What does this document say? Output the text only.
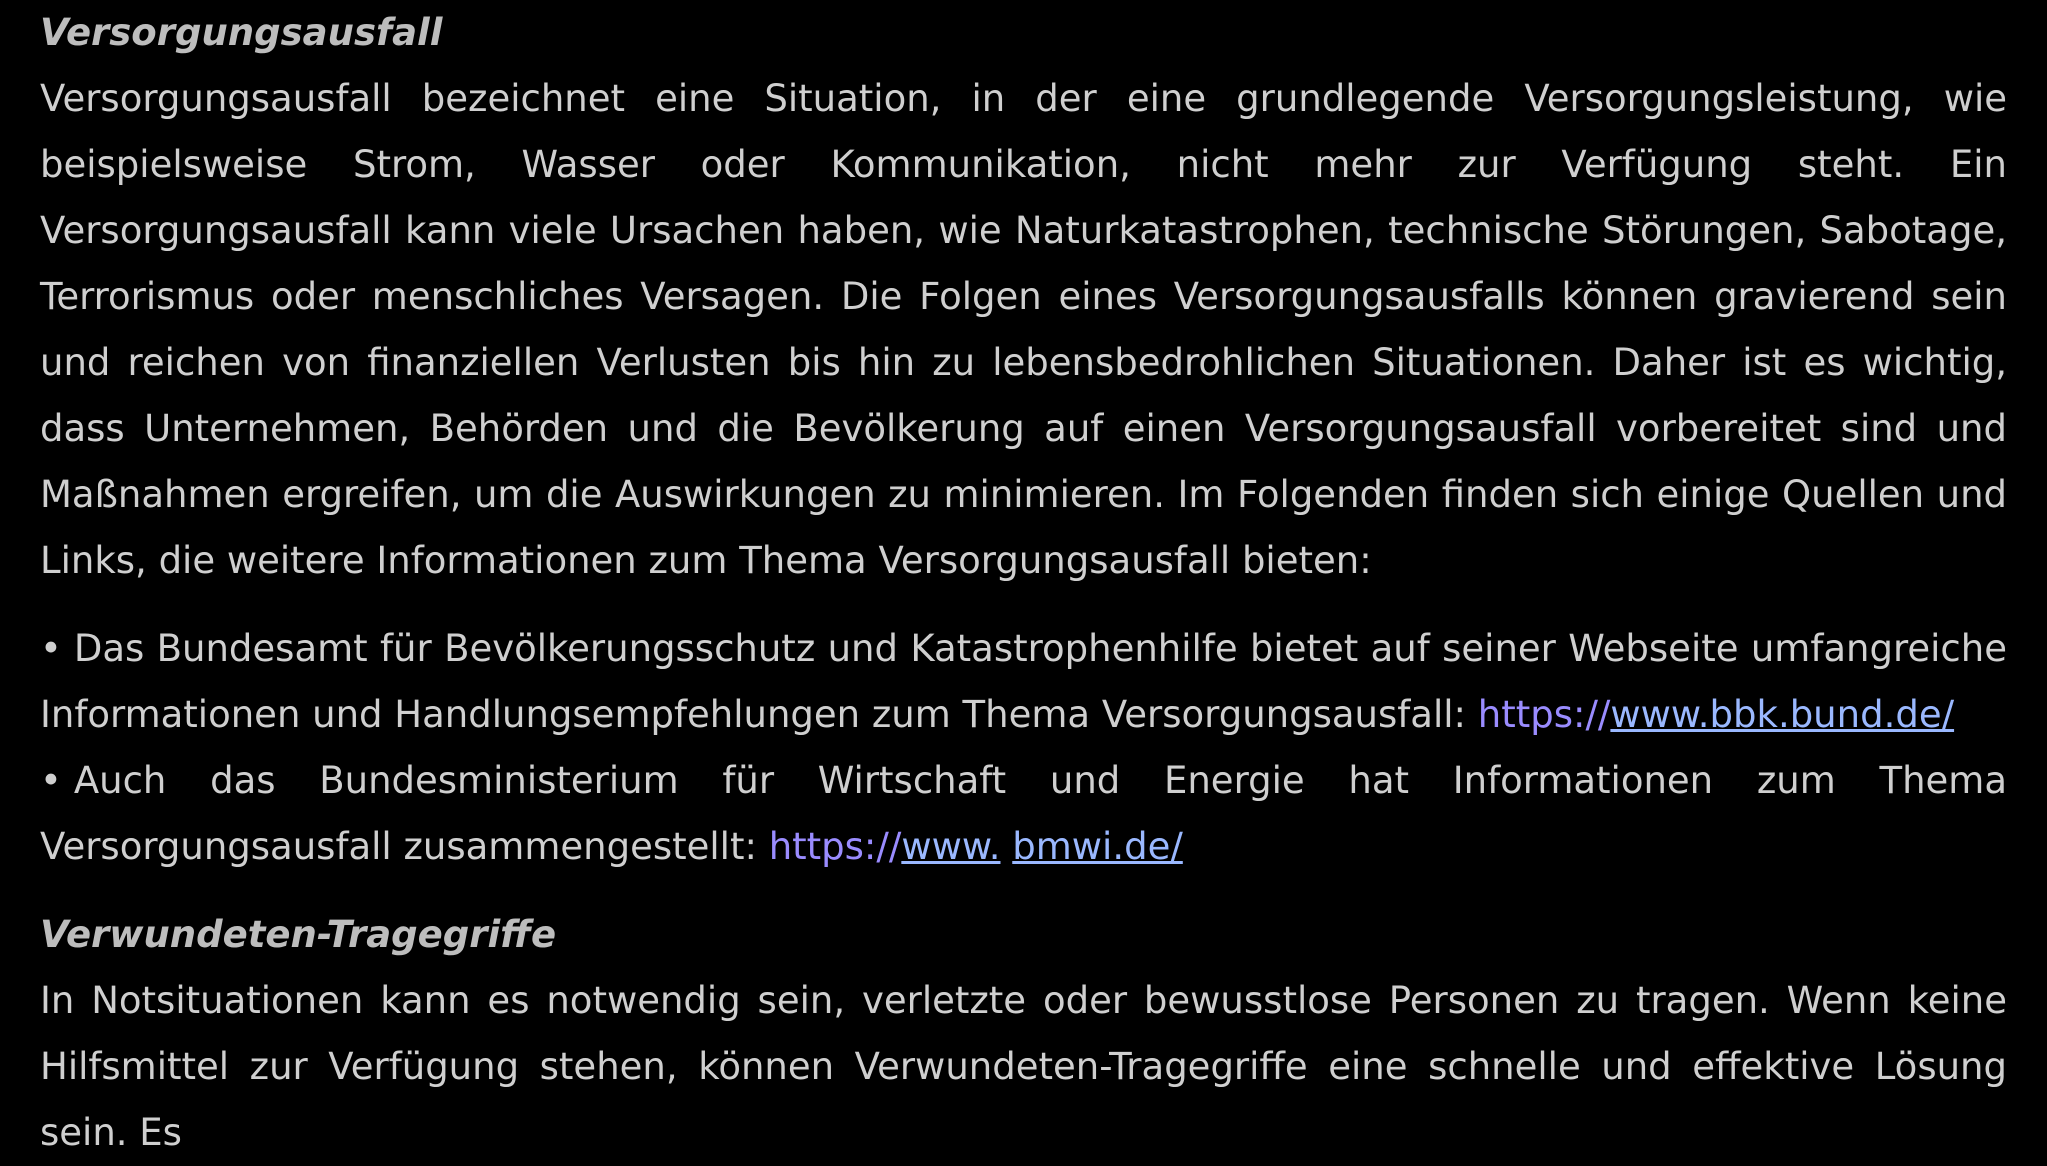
Versorgungsausfall

Versorgungsausfall bezeichnet eine Situation, in der eine grundlegende Versorgungsleistung, wie beispielsweise Strom, Wasser oder Kommunikation, nicht mehr zur Verfügung steht. Ein Versorgungsausfall kann viele Ursachen haben, wie Naturkatastrophen, technische Störungen, Sabotage, Terrorismus oder menschliches Versagen. Die Folgen eines Versorgungsausfalls können gravierend sein und reichen von finanziellen Verlusten bis hin zu lebensbedrohlichen Situationen. Daher ist es wichtig, dass Unternehmen, Behörden und die Bevölkerung auf einen Versorgungsausfall vorbereitet sind und Maßnahmen ergreifen, um die Auswirkungen zu minimieren. Im Folgenden finden sich einige Quellen und Links, die weitere Informationen zum Thema Versorgungsausfall bieten:

• Das Bundesamt für Bevölkerungsschutz und Katastrophenhilfe bietet auf seiner Webseite umfangreiche Informationen und Handlungsempfehlungen zum Thema Versorgungsausfall: https://www.bbk.bund.de/
• Auch das Bundesministerium für Wirtschaft und Energie hat Informationen zum Thema Versorgungsausfall zusammengestellt: https://www. bmwi.de/

Verwundeten-Tragegriffe

In Notsituationen kann es notwendig sein, verletzte oder bewusstlose Personen zu tragen. Wenn keine Hilfsmittel zur Verfügung stehen, können Verwundeten-Tragegriffe eine schnelle und effektive Lösung sein. Es
